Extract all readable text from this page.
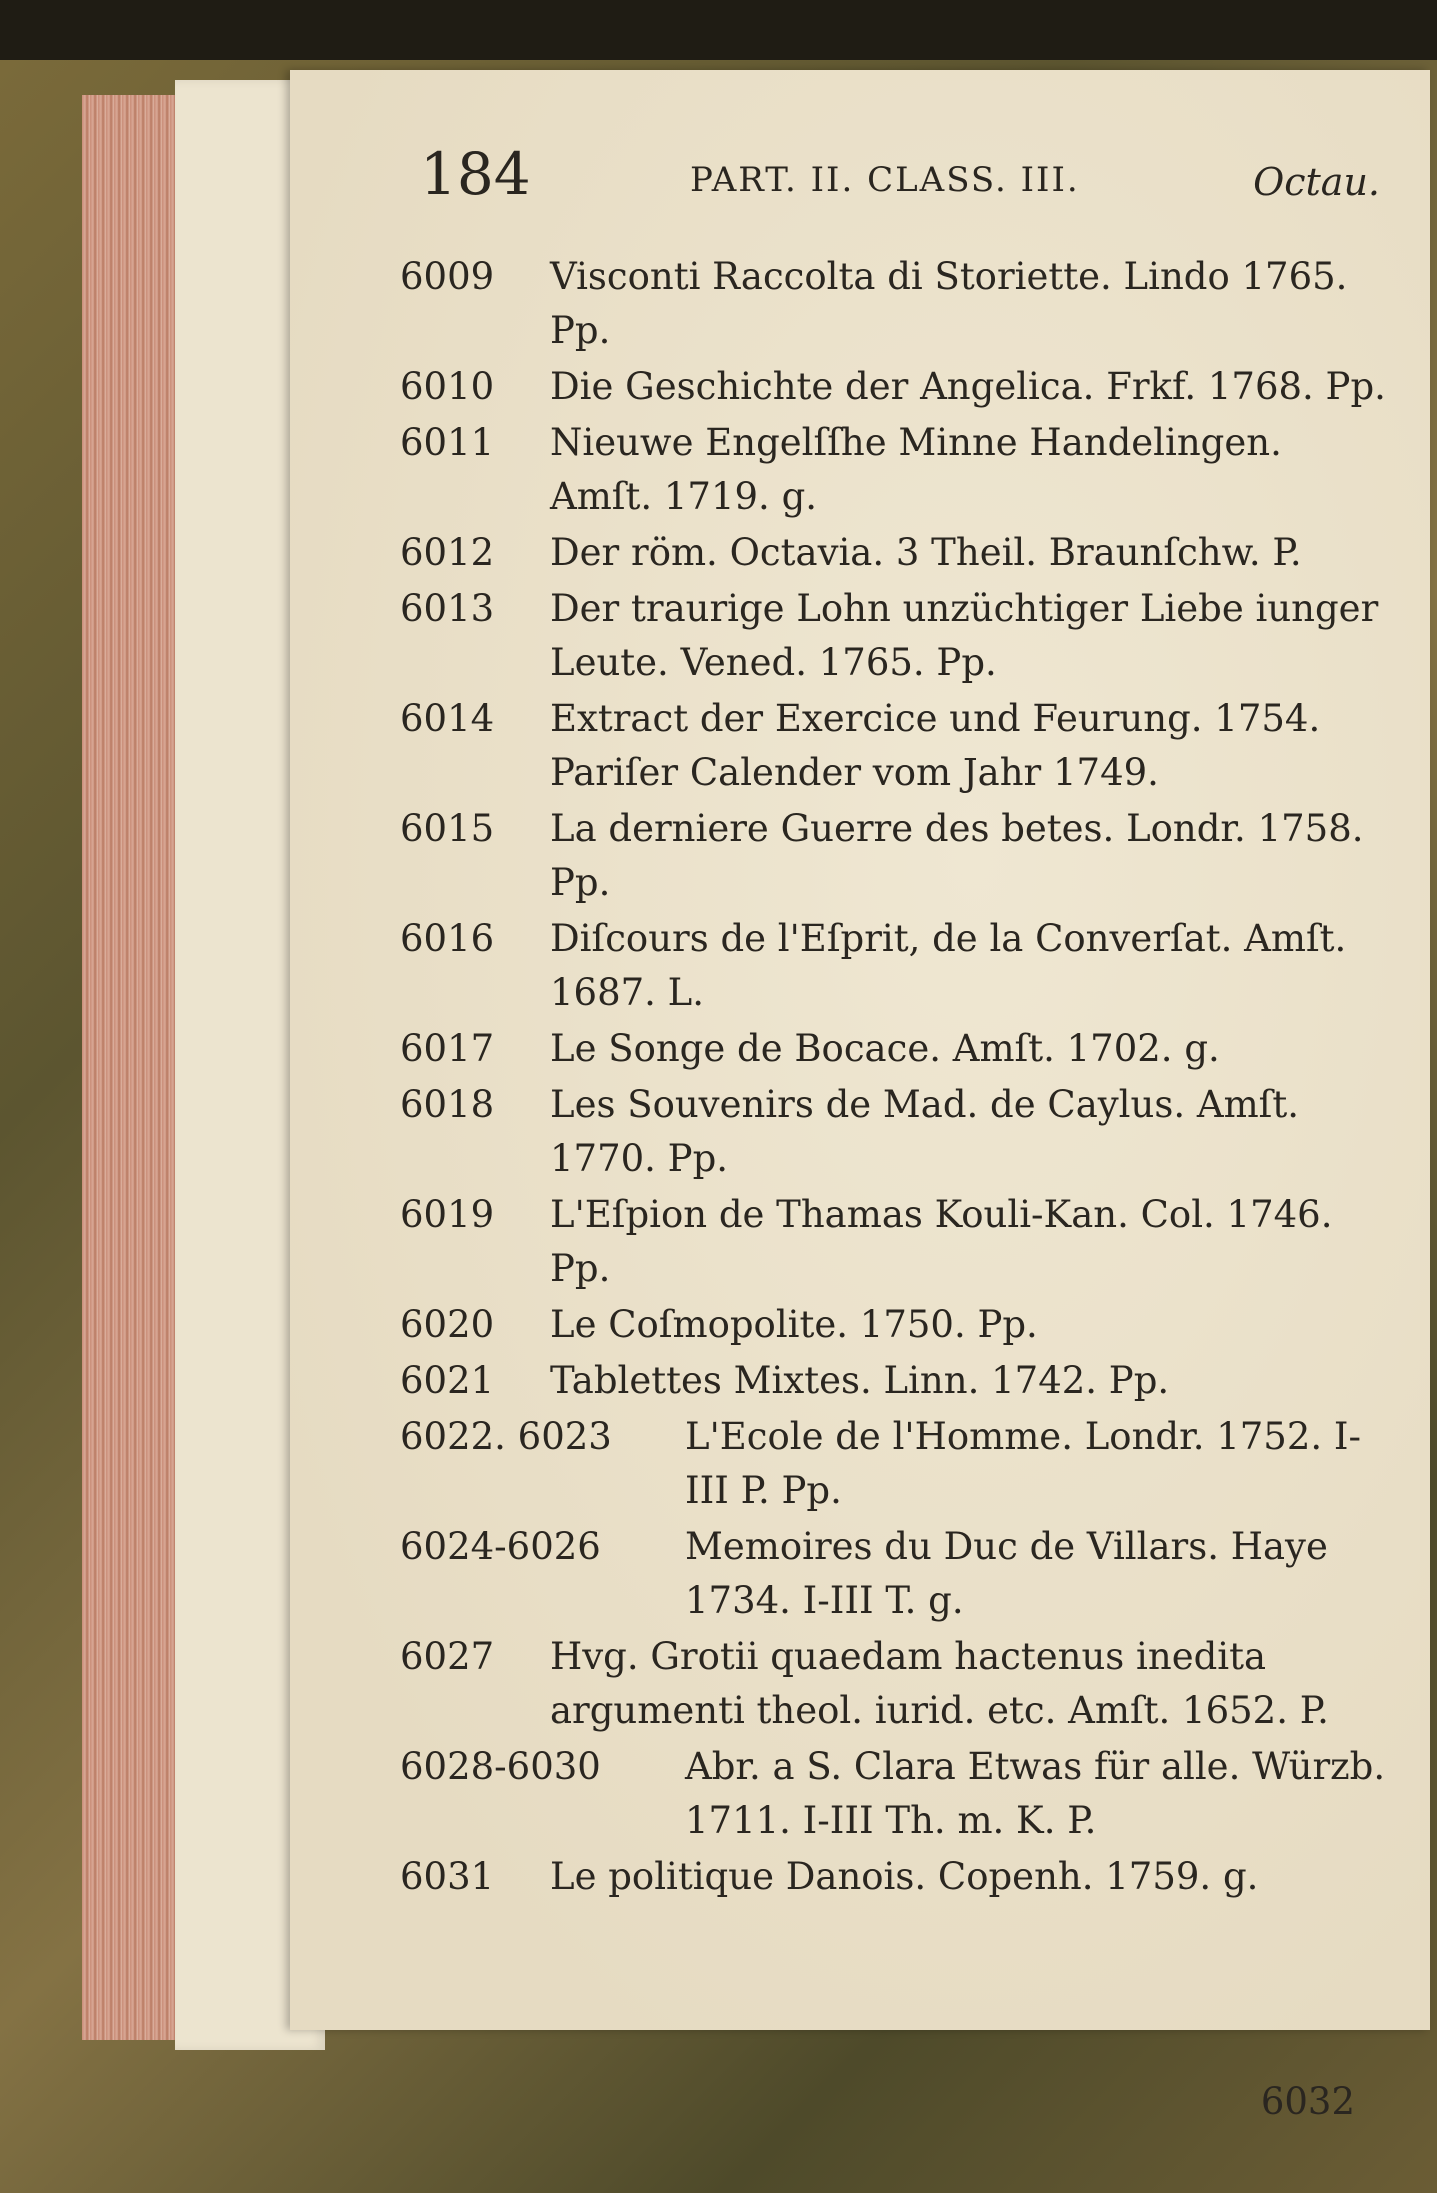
184	PART. II. CLASS. III.	Octau.
6009	Visconti Raccolta di Storiette. Lindo 1765. Pp.
6010	Die Geschichte der Angelica. Frkf. 1768. Pp.
6011	Nieuwe Engelſſhe Minne Handelingen. Amſt. 1719. g.
6012	Der röm. Octavia. 3 Theil. Braunſchw. P.
6013	Der traurige Lohn unzüchtiger Liebe iunger Leute. Vened. 1765. Pp.
6014	Extract der Exercice und Feurung. 1754. Pariſer Calender vom Jahr 1749.
6015	La derniere Guerre des betes. Londr. 1758. Pp.
6016	Diſcours de l'Eſprit, de la Converſat. Amſt. 1687. L.
6017	Le Songe de Bocace. Amſt. 1702. g.
6018	Les Souvenirs de Mad. de Caylus. Amſt. 1770. Pp.
6019	L'Eſpion de Thamas Kouli-Kan. Col. 1746. Pp.
6020	Le Coſmopolite. 1750. Pp.
6021	Tablettes Mixtes. Linn. 1742. Pp.
6022. 6023	L'Ecole de l'Homme. Londr. 1752. I-III P. Pp.
6024-6026	Memoires du Duc de Villars. Haye 1734. I-III T. g.
6027	Hvg. Grotii quaedam hactenus inedita argumenti theol. iurid. etc. Amſt. 1652. P.
6028-6030	Abr. a S. Clara Etwas für alle. Würzb. 1711. I-III Th. m. K. P.
6031	Le politique Danois. Copenh. 1759. g.
6032
